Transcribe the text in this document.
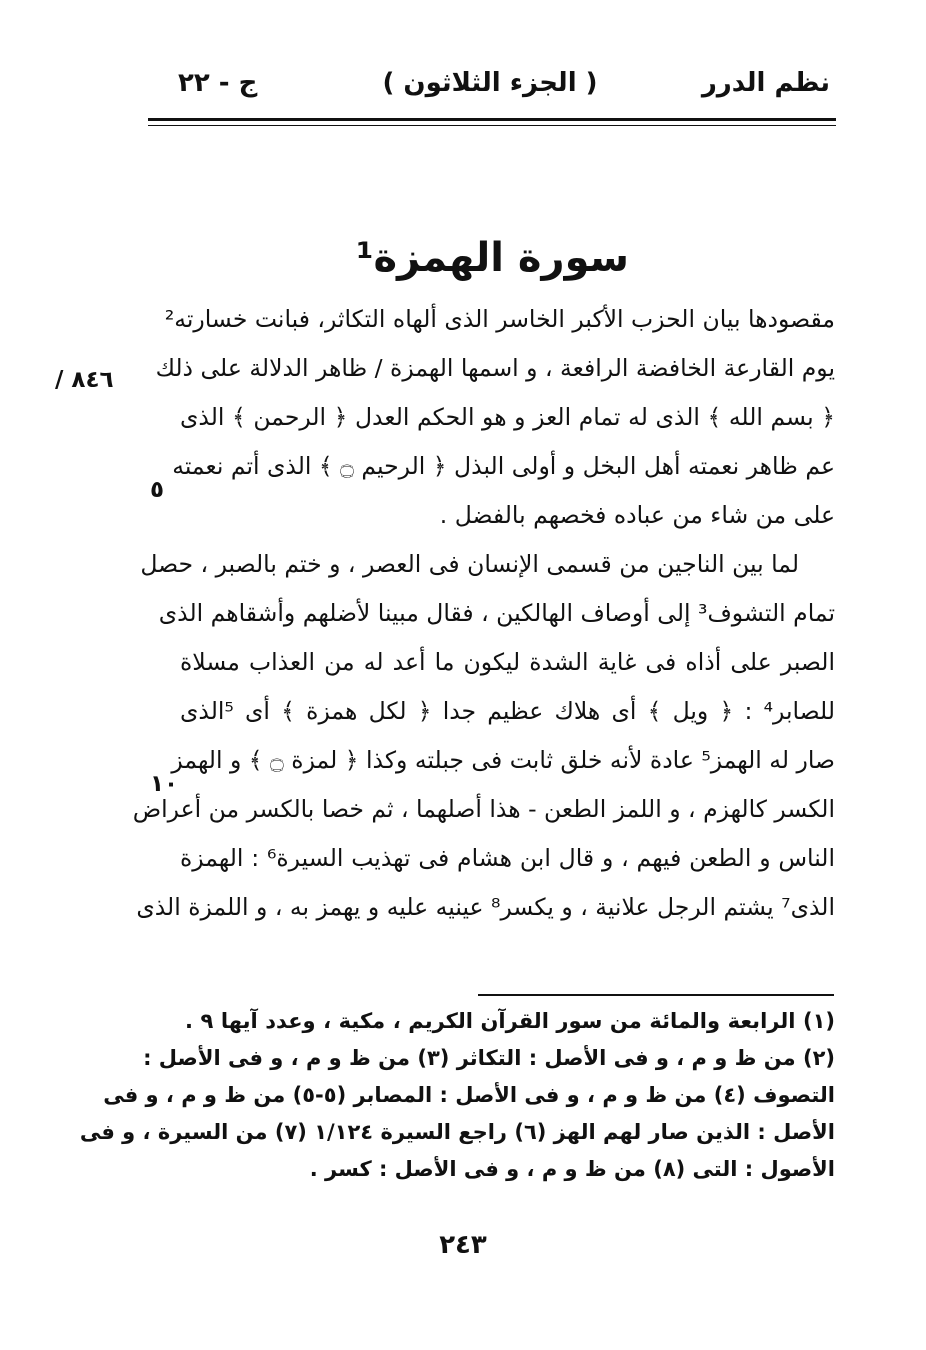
نظم الدرر
( الجزء الثلاثون )
ج - ٢٢
سورة الهمزة¹
/ ٨٤٦
٥
١٠
مقصودها بيان الحزب الأكبر الخاسر الذى ألهاه التكاثر، فبانت خسارته²
يوم القارعة الخافضة الرافعة ، و اسمها الهمزة / ظاهر الدلالة على ذلك
﴿ بسم الله ﴾ الذى له تمام العز و هو الحكم العدل ﴿ الرحمن ﴾ الذى
عم ظاهر نعمته أهل البخل و أولى البذل ﴿ الرحيم ۝ ﴾ الذى أتم نعمته
على من شاء من عباده فخصهم بالفضل .
لما بين الناجين من قسمى الإنسان فى العصر ، و ختم بالصبر ، حصل
تمام التشوف³ إلى أوصاف الهالكين ، فقال مبينا لأضلهم وأشقاهم الذى
الصبر على أذاه فى غاية الشدة ليكون ما أعد له من العذاب مسلاة
للصابر⁴ : ﴿ ويل ﴾ أى هلاك عظيم جدا ﴿ لكل همزة ﴾ أى ⁵الذى
صار له الهمز⁵ عادة لأنه خلق ثابت فى جبلته وكذا ﴿ لمزة ۝ ﴾ و الهمز
الكسر كالهزم ، و اللمز الطعن - هذا أصلهما ، ثم خصا بالكسر من أعراض
الناس و الطعن فيهم ، و قال ابن هشام فى تهذيب السيرة⁶ : الهمزة
الذى⁷ يشتم الرجل علانية ، و يكسر⁸ عينيه عليه و يهمز به ، و اللمزة الذى
(١) الرابعة والمائة من سور القرآن الكريم ، مكية ، وعدد آيها ٩ .
(٢) من ظ و م ، و فى الأصل : التكاثر (٣) من ظ و م ، و فى الأصل :
التصوف (٤) من ظ و م ، و فى الأصل : المصابر (٥-٥) من ظ و م ، و فى
الأصل : الذين صار لهم الهز (٦) راجع السيرة ١/١٢٤ (٧) من السيرة ، و فى
الأصول : التى (٨) من ظ و م ، و فى الأصل : كسر .
٢٤٣
